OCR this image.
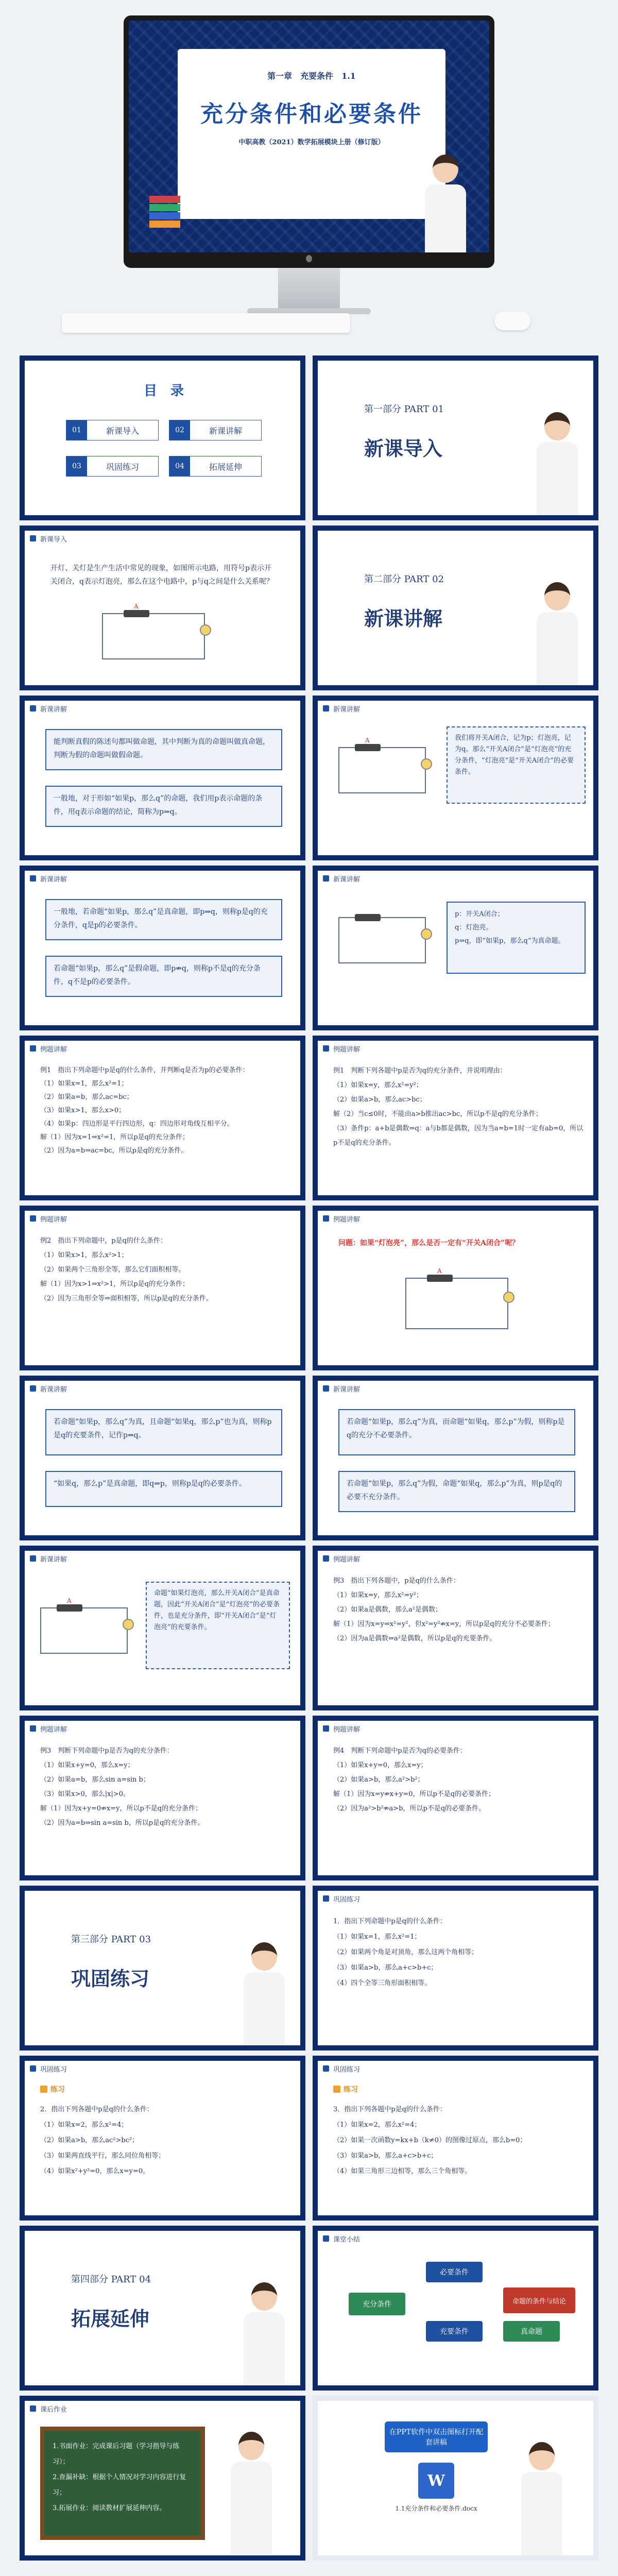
第一章　充要条件　1.1
充分条件和必要条件
中职高教（2021）数学拓展模块上册（修订版）
目　录
01	新课导入	02	新课讲解
03	巩固练习	04	拓展延伸
第一部分 PART 01
新课导入
新课导入
开灯、关灯是生产生活中常见的现象，如图所示电路，用符号p表示开关闭合，q表示灯泡亮，那么在这个电路中，p与q之间是什么关系呢？
A
第二部分 PART 02
新课讲解
新课讲解
能判断真假的陈述句都叫做命题，其中判断为真的命题叫做真命题，判断为假的命题叫做假命题。
一般地，对于形如“如果p，那么q”的命题，我们用p表示命题的条件，用q表示命题的结论，简称为p⇒q。
新课讲解
A	我们将开关A闭合，记为p；灯泡亮，记为q。那么“开关A闭合”是“灯泡亮”的充分条件，“灯泡亮”是“开关A闭合”的必要条件。
新课讲解
一般地，若命题“如果p，那么q”是真命题，即p⇒q，则称p是q的充分条件，q是p的必要条件。
若命题“如果p，那么q”是假命题，即p⇏q，则称p不是q的充分条件，q不是p的必要条件。
新课讲解
p：开关A闭合；
q：灯泡亮。
p⇒q，即“如果p，那么q”为真命题。
例题讲解
例1　指出下列命题中p是q的什么条件，并判断q是否为p的必要条件：
（1）如果x=1，那么x²=1；
（2）如果a=b，那么ac=bc；
（3）如果x>1，那么x>0；
（4）如果p：四边形是平行四边形，q：四边形对角线互相平分。
解（1）因为x=1⇒x²=1，所以p是q的充分条件；
（2）因为a=b⇒ac=bc，所以p是q的充分条件。
例题讲解
例1　判断下列各题中p是否为q的充分条件，并说明理由：
（1）如果x=y，那么x²=y²；
（2）如果a>b，那么ac>bc；
解（2）当c≤0时，不能由a>b推出ac>bc，所以p不是q的充分条件；
（3）条件p：a+b是偶数⇒q：a与b都是偶数，因为当a=b=1时一定有ab=0，所以p不是q的充分条件。
例题讲解
例2　指出下列命题中，p是q的什么条件：
（1）如果x>1，那么x²>1；
（2）如果两个三角形全等，那么它们面积相等。
解（1）因为x>1⇒x²>1，所以p是q的充分条件；
（2）因为三角形全等⇒面积相等，所以p是q的充分条件。
例题讲解
问题：如果“灯泡亮”，那么是否一定有“开关A闭合”呢？
A
新课讲解
若命题“如果p，那么q”为真，且命题“如果q，那么p”也为真，则称p是q的充要条件，记作p⇔q。
“如果q，那么p”是真命题，即q⇒p，则称p是q的必要条件。
新课讲解
若命题“如果p，那么q”为真，而命题“如果q，那么p”为假，则称p是q的充分不必要条件。
若命题“如果p，那么q”为假，命题“如果q，那么p”为真，则p是q的必要不充分条件。
新课讲解
A
命题“如果灯泡亮，那么开关A闭合”是真命题，因此“开关A闭合”是“灯泡亮”的必要条件，也是充分条件，即“开关A闭合”是“灯泡亮”的充要条件。
例题讲解
例3　指出下列各题中，p是q的什么条件：
（1）如果x=y，那么x²=y²；
（2）如果a是偶数，那么a²是偶数；
解（1）因为x=y⇒x²=y²，但x²=y²⇏x=y，所以p是q的充分不必要条件；
（2）因为a是偶数⇔a²是偶数，所以p是q的充要条件。
例题讲解
例3　判断下列命题中p是否为q的充分条件：
（1）如果x+y=0，那么x=y；
（2）如果a=b，那么sin a=sin b；
（3）如果x>0，那么|x|>0。
解（1）因为x+y=0⇏x=y，所以p不是q的充分条件；
（2）因为a=b⇒sin a=sin b，所以p是q的充分条件。
例题讲解
例4　判断下列命题中p是否为q的必要条件：
（1）如果x+y=0，那么x=y；
（2）如果a>b，那么a²>b²；
解（1）因为x=y⇏x+y=0，所以p不是q的必要条件；
（2）因为a²>b²⇏a>b，所以p不是q的必要条件。
第三部分 PART 03
巩固练习
巩固练习
1．指出下列命题中p是q的什么条件：
（1）如果x=1，那么x²=1；
（2）如果两个角是对顶角，那么这两个角相等；
（3）如果a>b，那么a+c>b+c；
（4）四个全等三角形面积相等。
巩固练习
练习
2．指出下列各题中p是q的什么条件：
（1）如果x=2，那么x²=4；
（2）如果a>b，那么ac²>bc²；
（3）如果两直线平行，那么同位角相等；
（4）如果x²+y²=0，那么x=y=0。
巩固练习
练习
3．指出下列各题中p是q的什么条件：
（1）如果x=2，那么x²=4；
（2）如果一次函数y=kx+b（k≠0）的图像过原点，那么b=0；
（3）如果a>b，那么a+c>b+c；
（4）如果三角形三边相等，那么三个角相等。
第四部分 PART 04
拓展延伸
课堂小结
充分条件
必要条件
充要条件	真命题
命题的条件与结论
课后作业
1.书面作业：完成课后习题（学习指导与练习）；
2.查漏补缺：根据个人情况对学习内容进行复习；
3.拓展作业：阅读教材扩展延伸内容。
在PPT软件中双击图标打开配套讲稿
W
1.1充分条件和必要条件.docx
